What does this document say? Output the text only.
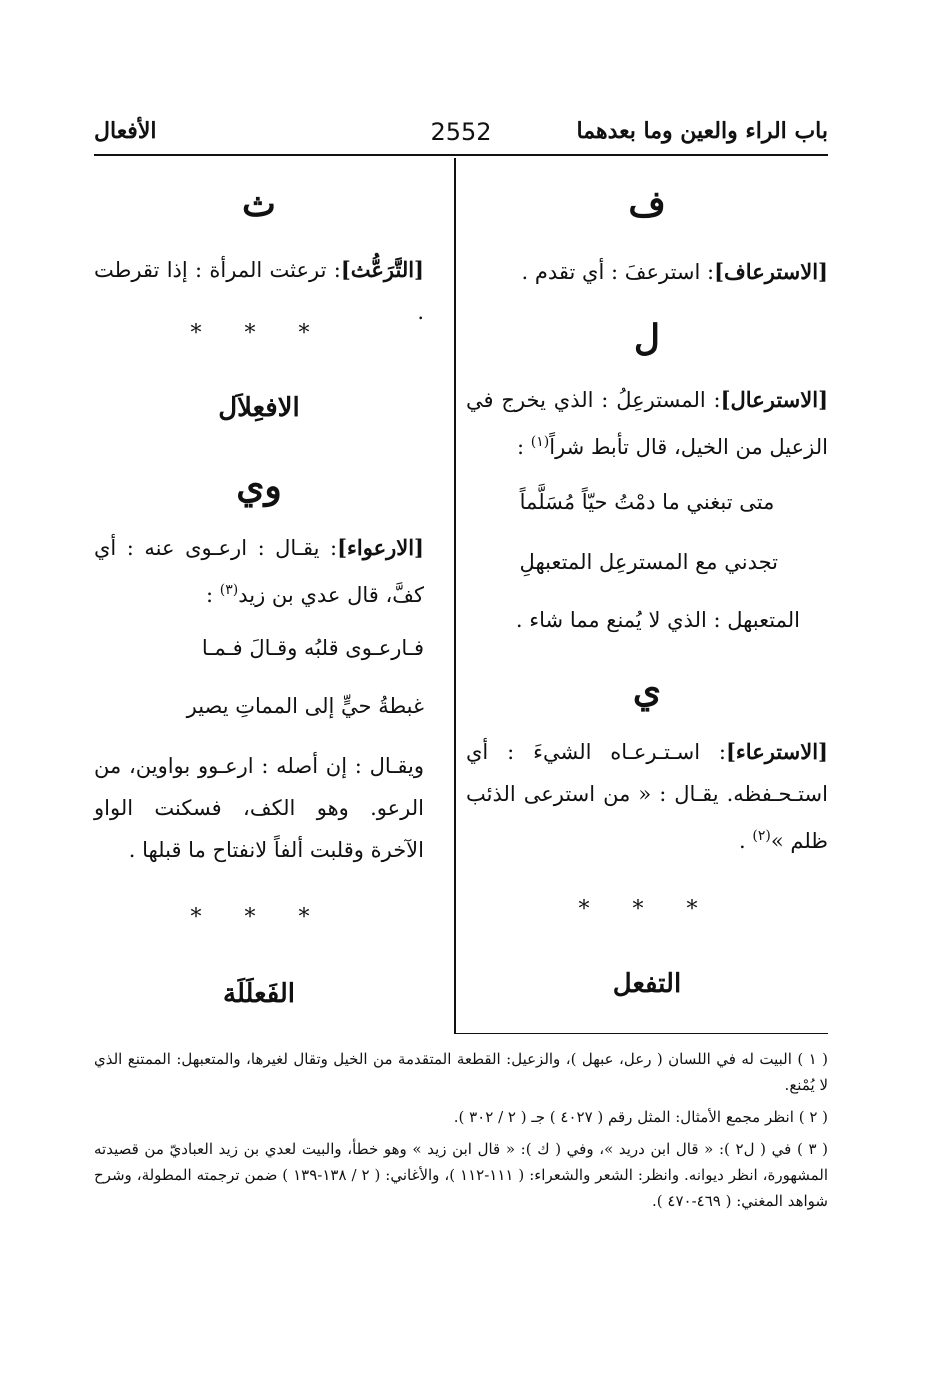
باب الراء والعين وما بعدهما
2552
الأفعال
ف
[الاسترعاف]: استرعفَ : أي تقدم .
ل
[الاسترعال]: المسترعِلُ : الذي يخرج في الزعيل من الخيل، قال تأبط شراً$^{(١)}$ :
متى تبغني ما دمْتُ حيّاً مُسَلَّماً
تجدني مع المسترعِل المتعبهلِ
المتعبهل : الذي لا يُمنع مما شاء .
ي
[الاسترعاء]: اسـتـرعـاه الشيءَ : أي استـحـفظه. يقـال : « من استرعى الذئب ظلم »$^{(٢)}$ .
* * *
التفعل
ث
[التَّرَعُّث]: ترعثت المرأة : إذا تقرطت .
* * *
الافعِلاَل
وي
[الارعواء]: يقـال : ارعـوى عنه : أي كفَّ، قال عدي بن زيد$^{(٣)}$ :
فـارعـوى قلبُه وقـالَ فـمـا
غبطةُ حيٍّ إلى المماتِ يصير
ويقـال : إن أصله : ارعـوو بواوين، من الرعو. وهو الكف، فسكنت الواو الآخرة وقلبت ألفاً لانفتاح ما قبلها .
* * *
الفَعلَلَة
( ١ ) البيت له في اللسان ( رعل، عبهل )، والزعيل: القطعة المتقدمة من الخيل وتقال لغيرها، والمتعبهل: الممتنع الذي لا يُمْنع.
( ٢ ) انظر مجمع الأمثال: المثل رقم ( ٤٠٢٧ ) جـ ( ٢ / ٣٠٢ ).
( ٣ ) في ( ل٢ ): « قال ابن دريد »، وفي ( ك ): « قال ابن زيد » وهو خطأ، والبيت لعدي بن زيد العباديّ من قصيدته المشهورة، انظر ديوانه. وانظر: الشعر والشعراء: ( ١١١-١١٢ )، والأغاني: ( ٢ / ١٣٨-١٣٩ ) ضمن ترجمته المطولة، وشرح شواهد المغني: ( ٤٦٩-٤٧٠ ).
